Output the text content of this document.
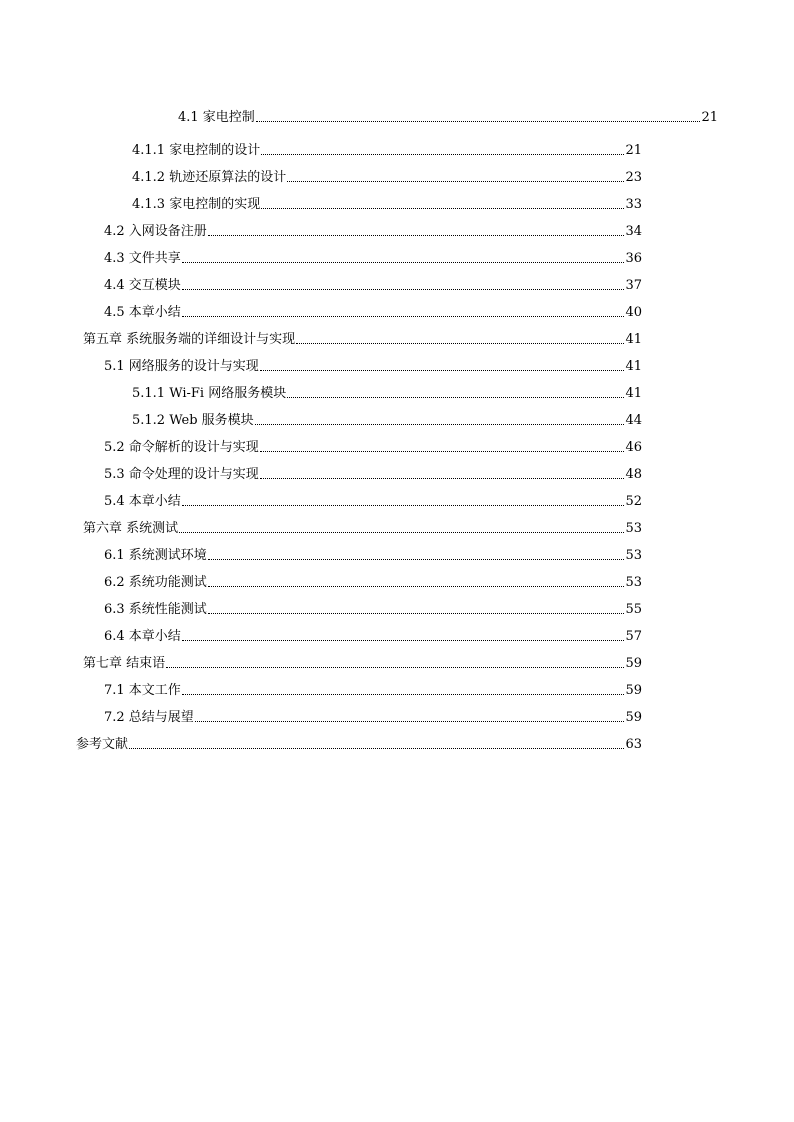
4.1 家电控制	21
4.1.1 家电控制的设计	21
4.1.2 轨迹还原算法的设计	23
4.1.3 家电控制的实现	33
4.2 入网设备注册	34
4.3 文件共享	36
4.4 交互模块	37
4.5 本章小结	40
第五章 系统服务端的详细设计与实现	41
5.1 网络服务的设计与实现	41
5.1.1 Wi-Fi 网络服务模块	41
5.1.2 Web 服务模块	44
5.2 命令解析的设计与实现	46
5.3 命令处理的设计与实现	48
5.4 本章小结	52
第六章 系统测试	53
6.1 系统测试环境	53
6.2 系统功能测试	53
6.3 系统性能测试	55
6.4 本章小结	57
第七章 结束语	59
7.1 本文工作	59
7.2 总结与展望	59
参考文献	63
